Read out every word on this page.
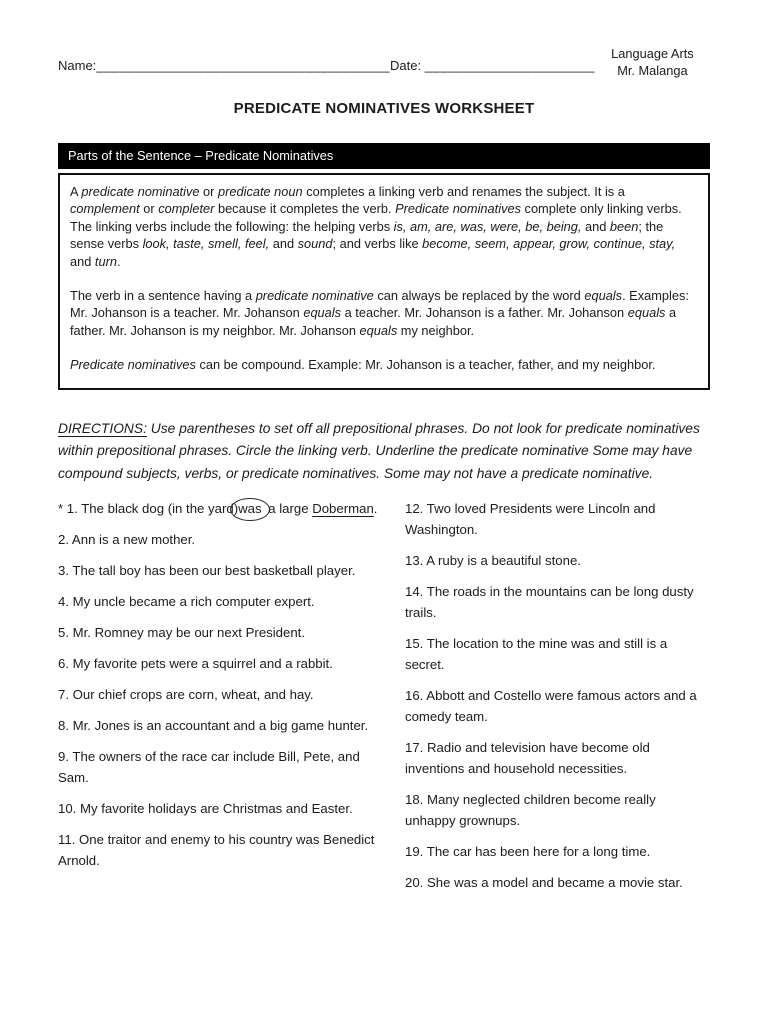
Name:______________________________________ Date: ______________________
Language Arts
Mr. Malanga
PREDICATE NOMINATIVES WORKSHEET
Parts of the Sentence – Predicate Nominatives

A predicate nominative or predicate noun completes a linking verb and renames the subject. It is a complement or completer because it completes the verb. Predicate nominatives complete only linking verbs. The linking verbs include the following: the helping verbs is, am, are, was, were, be, being, and been; the sense verbs look, taste, smell, feel, and sound; and verbs like become, seem, appear, grow, continue, stay, and turn.

The verb in a sentence having a predicate nominative can always be replaced by the word equals. Examples: Mr. Johanson is a teacher. Mr. Johanson equals a teacher. Mr. Johanson is a father. Mr. Johanson equals a father. Mr. Johanson is my neighbor. Mr. Johanson equals my neighbor.

Predicate nominatives can be compound. Example: Mr. Johanson is a teacher, father, and my neighbor.

DIRECTIONS: Use parentheses to set off all prepositional phrases. Do not look for predicate nominatives within prepositional phrases. Circle the linking verb. Underline the predicate nominative Some may have compound subjects, verbs, or predicate nominatives. Some may not have a predicate nominative.
* 1. The black dog (in the yard)was a large Doberman.
2. Ann is a new mother.
3. The tall boy has been our best basketball player.
4. My uncle became a rich computer expert.
5. Mr. Romney may be our next President.
6. My favorite pets were a squirrel and a rabbit.
7. Our chief crops are corn, wheat, and hay.
8. Mr. Jones is an accountant and a big game hunter.
9. The owners of the race car include Bill, Pete, and Sam.
10. My favorite holidays are Christmas and Easter.
11. One traitor and enemy to his country was Benedict Arnold.
12. Two loved Presidents were Lincoln and Washington.
13. A ruby is a beautiful stone.
14. The roads in the mountains can be long dusty trails.
15. The location to the mine was and still is a secret.
16. Abbott and Costello were famous actors and a comedy team.
17. Radio and television have become old inventions and household necessities.
18. Many neglected children become really unhappy grownups.
19. The car has been here for a long time.
20. She was a model and became a movie star.
